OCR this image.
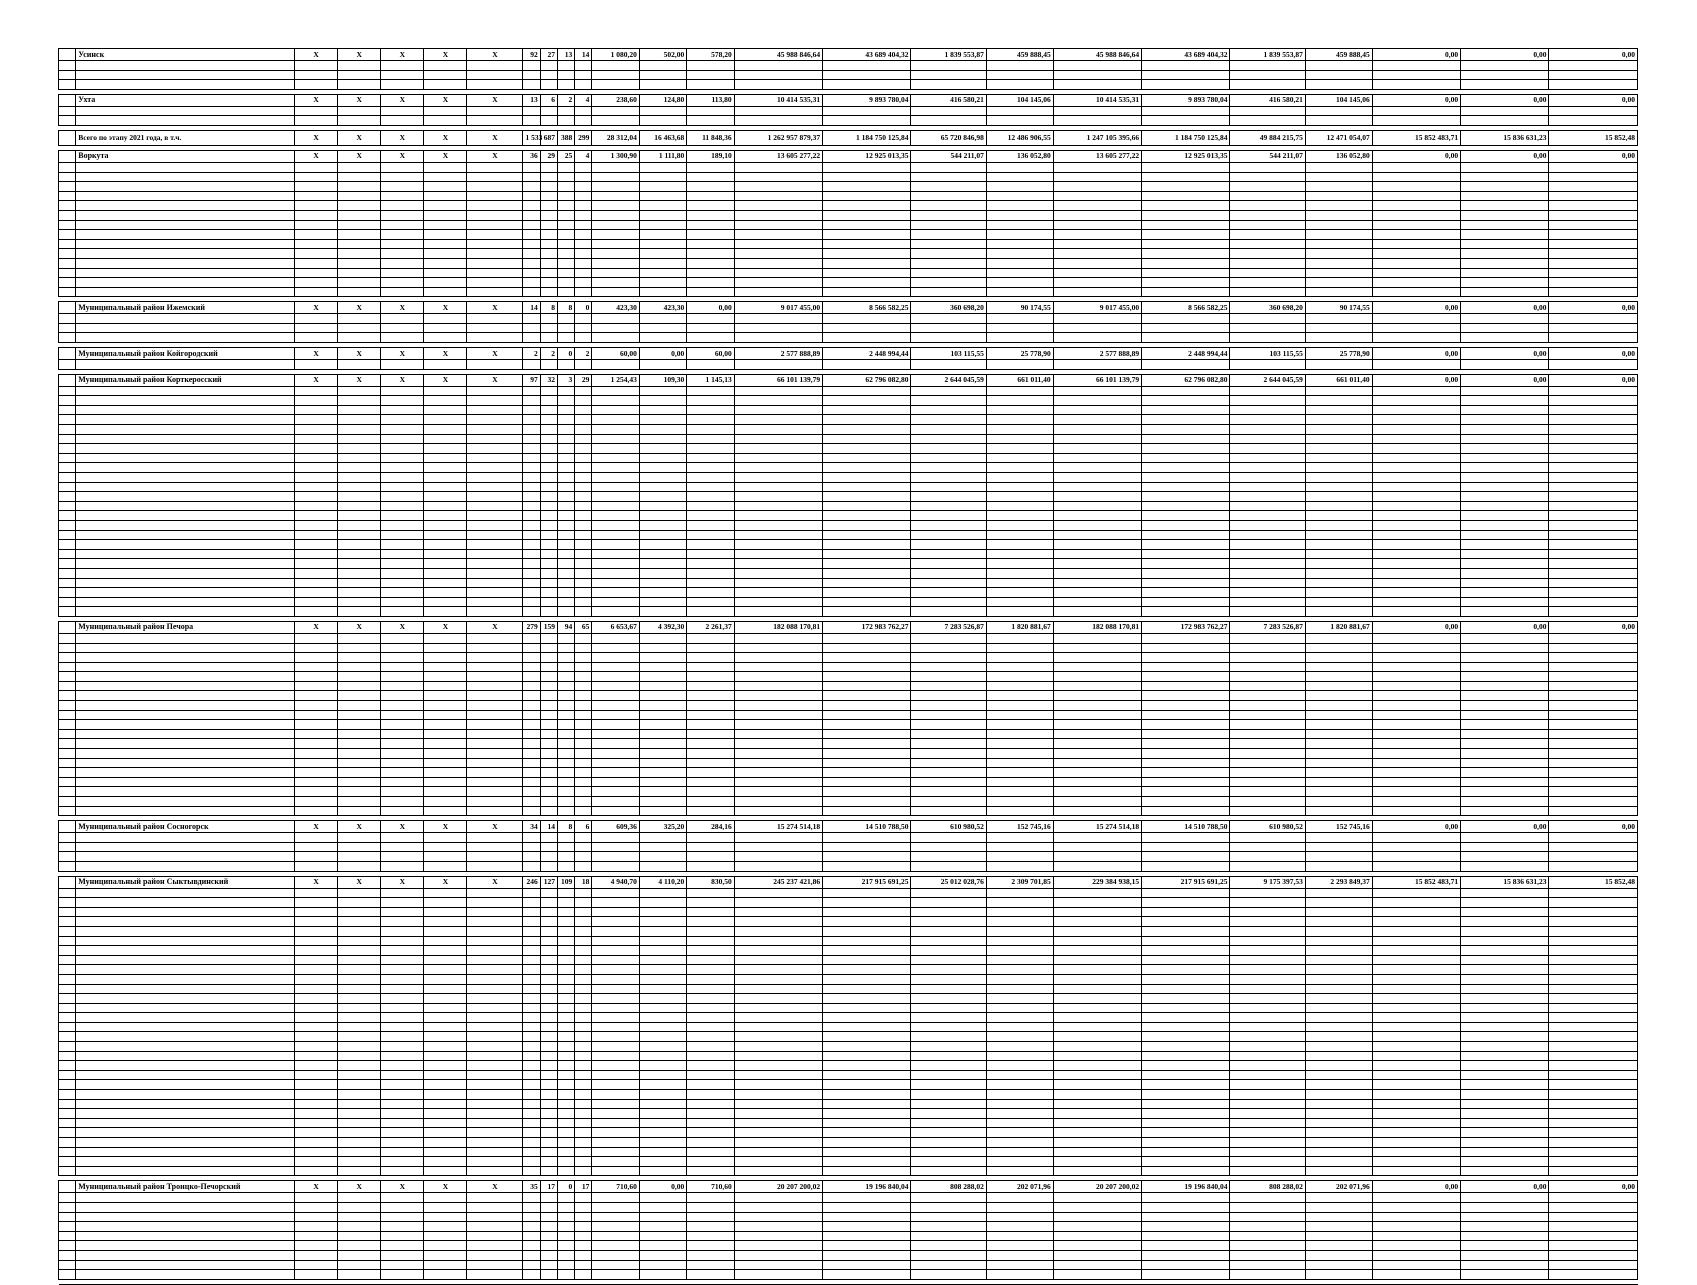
	Усинск	X	X	X	X	X	92	27	13	14	1 080,20	502,00	578,20	45 988 846,64	43 689 404,32	1 839 553,87	459 888,45	45 988 846,64	43 689 404,32	1 839 553,87	459 888,45	0,00	0,00	0,00

	Ухта	X	X	X	X	X	13	6	2	4	238,60	124,80	113,80	10 414 535,31	9 893 780,04	416 580,21	104 145,06	10 414 535,31	9 893 780,04	416 580,21	104 145,06	0,00	0,00	0,00

	Всего по этапу 2021 года, в т.ч.	X	X	X	X	X	1 533	687	388	299	28 312,04	16 463,68	11 848,36	1 262 957 879,37	1 184 750 125,84	65 720 846,98	12 486 906,55	1 247 105 395,66	1 184 750 125,84	49 884 215,75	12 471 054,07	15 852 483,71	15 836 631,23	15 852,48

	Воркута	X	X	X	X	X	36	29	25	4	1 300,90	1 111,80	189,10	13 605 277,22	12 925 013,35	544 211,07	136 052,80	13 605 277,22	12 925 013,35	544 211,07	136 052,80	0,00	0,00	0,00

	Муниципальный район Ижемский	X	X	X	X	X	14	8	8	0	423,30	423,30	0,00	9 017 455,00	8 566 582,25	360 698,20	90 174,55	9 017 455,00	8 566 582,25	360 698,20	90 174,55	0,00	0,00	0,00

	Муниципальный район Койгородский	X	X	X	X	X	2	2	0	2	60,00	0,00	60,00	2 577 888,89	2 448 994,44	103 115,55	25 778,90	2 577 888,89	2 448 994,44	103 115,55	25 778,90	0,00	0,00	0,00

	Муниципальный район Корткеросский	X	X	X	X	X	97	32	3	29	1 254,43	109,30	1 145,13	66 101 139,79	62 796 082,80	2 644 045,59	661 011,40	66 101 139,79	62 796 082,80	2 644 045,59	661 011,40	0,00	0,00	0,00

	Муниципальный район Печора	X	X	X	X	X	279	159	94	65	6 653,67	4 392,30	2 261,37	182 088 170,81	172 983 762,27	7 283 526,87	1 820 881,67	182 088 170,81	172 983 762,27	7 283 526,87	1 820 881,67	0,00	0,00	0,00

	Муниципальный район Сосногорск	X	X	X	X	X	34	14	8	6	609,36	325,20	284,16	15 274 514,18	14 510 788,50	610 980,52	152 745,16	15 274 514,18	14 510 788,50	610 980,52	152 745,16	0,00	0,00	0,00

	Муниципальный район Сыктывдинский	X	X	X	X	X	246	127	109	18	4 940,70	4 110,20	830,50	245 237 421,86	217 915 691,25	25 012 028,76	2 309 701,85	229 384 938,15	217 915 691,25	9 175 397,53	2 293 849,37	15 852 483,71	15 836 631,23	15 852,48

	Муниципальный район Троицко-Печорский	X	X	X	X	X	35	17	0	17	710,60	0,00	710,60	20 207 200,02	19 196 840,04	808 288,02	202 071,96	20 207 200,02	19 196 840,04	808 288,02	202 071,96	0,00	0,00	0,00
